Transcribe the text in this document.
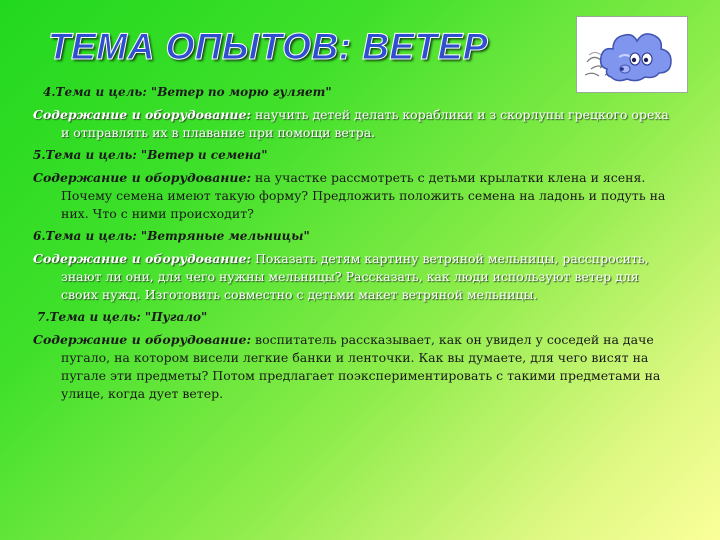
ТЕМА ОПЫТОВ: ВЕТЕР
4.Тема и цель: "Ветер по морю гуляет"
Содержание и оборудование: научить детей делать кораблики и з скорлупы грецкого ореха и отправлять их в плавание при помощи ветра.
5.Тема и цель: "Ветер и семена"
Содержание и оборудование: на участке рассмотреть с детьми крылатки клена и ясеня. Почему семена имеют такую форму? Предложить положить семена на ладонь и подуть на них. Что с ними происходит?
6.Тема и цель: "Ветряные мельницы"
Содержание и оборудование: Показать детям картину ветряной мельницы, расспросить, знают ли они, для чего нужны мельницы? Рассказать, как люди используют ветер для своих нужд. Изготовить совместно с детьми макет ветряной мельницы.
7.Тема и цель: "Пугало"
Содержание и оборудование: воспитатель рассказывает, как он увидел у соседей на даче пугало, на котором висели легкие банки и ленточки. Как вы думаете, для чего висят на пугале эти предметы? Потом предлагает поэкспериментировать с такими предметами на улице, когда дует ветер.
